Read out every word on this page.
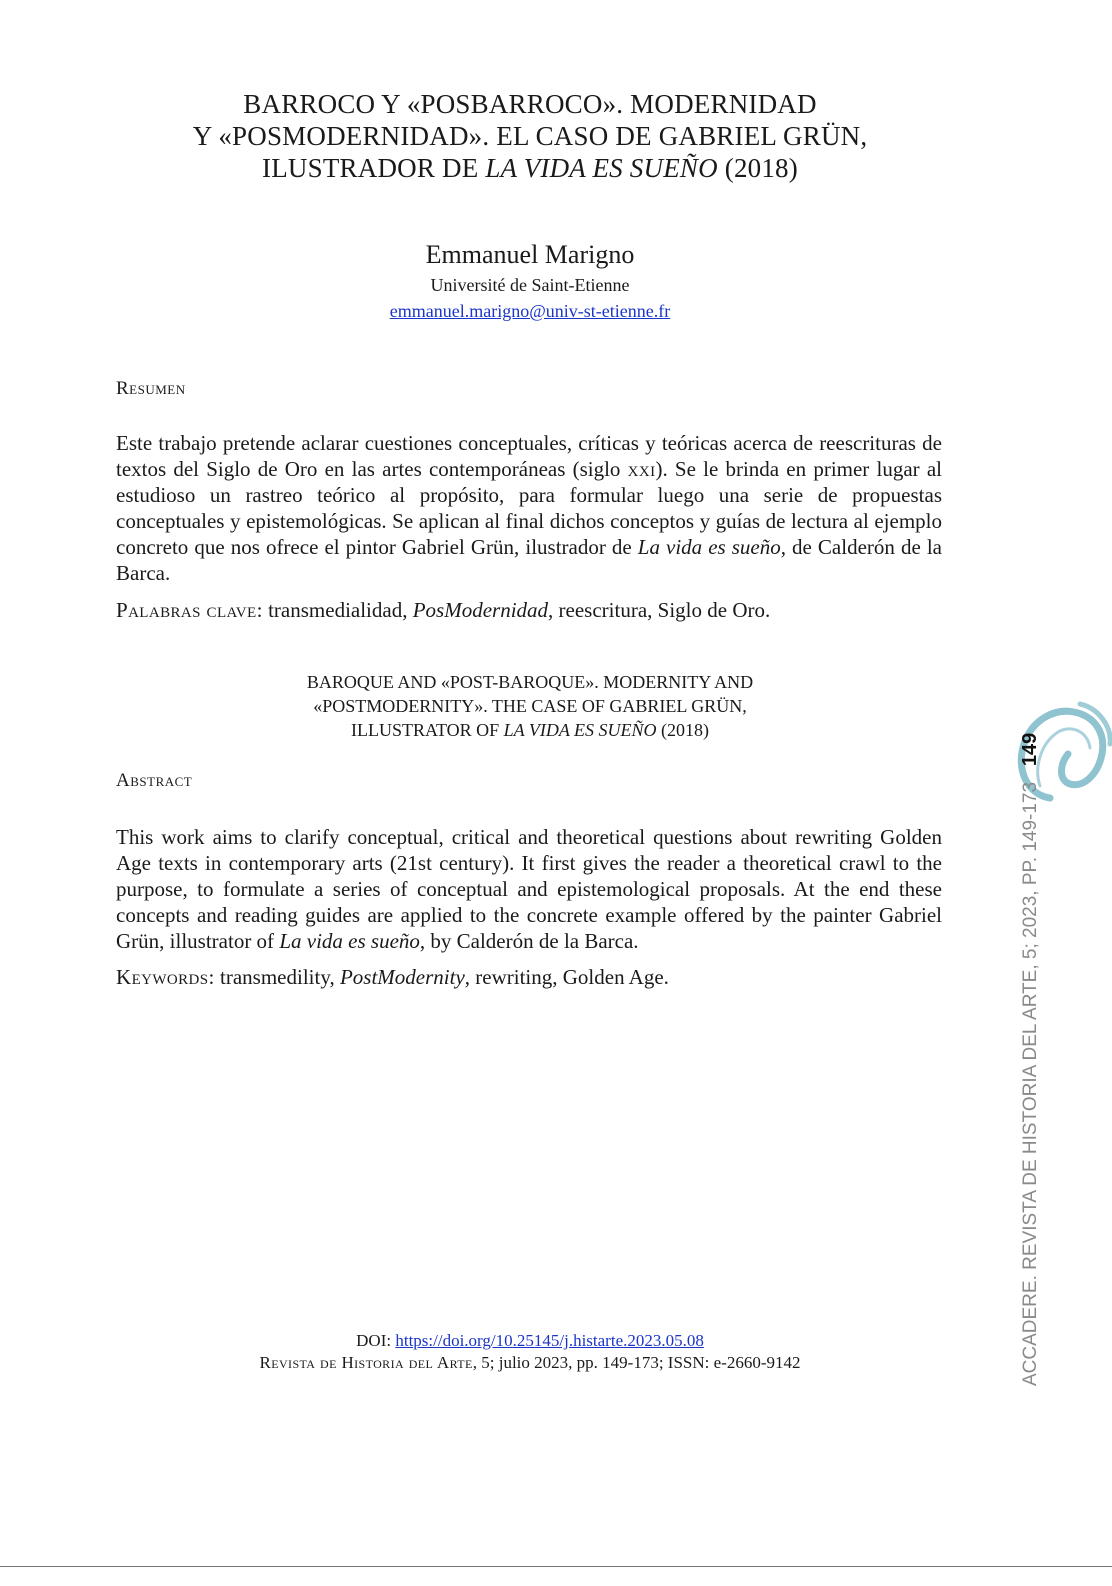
BARROCO Y «POSBARROCO». MODERNIDAD
Y «POSMODERNIDAD». EL CASO DE GABRIEL GRÜN,
ILUSTRADOR DE LA VIDA ES SUEÑO (2018)
Emmanuel Marigno
Université de Saint-Etienne
emmanuel.marigno@univ-st-etienne.fr
Resumen

Este trabajo pretende aclarar cuestiones conceptuales, críticas y teóricas acerca de reescrituras de textos del Siglo de Oro en las artes contemporáneas (siglo xxi). Se le brinda en primer lugar al estudioso un rastreo teórico al propósito, para formular luego una serie de propuestas conceptuales y epistemológicas. Se aplican al final dichos conceptos y guías de lectura al ejemplo concreto que nos ofrece el pintor Gabriel Grün, ilustrador de La vida es sueño, de Calderón de la Barca.

Palabras clave: transmedialidad, PosModernidad, reescritura, Siglo de Oro.

BAROQUE AND «POST-BAROQUE». MODERNITY AND
«POSTMODERNITY». THE CASE OF GABRIEL GRÜN,
ILLUSTRATOR OF LA VIDA ES SUEÑO (2018)
Abstract

This work aims to clarify conceptual, critical and theoretical questions about rewriting Golden Age texts in contemporary arts (21st century). It first gives the reader a theoretical crawl to the purpose, to formulate a series of conceptual and epistemological proposals. At the end these concepts and reading guides are applied to the concrete example offered by the painter Gabriel Grün, illustrator of La vida es sueño, by Calderón de la Barca.

Keywords: transmedility, PostModernity, rewriting, Golden Age.

DOI: https://doi.org/10.25145/j.histarte.2023.05.08
Revista de Historia del Arte, 5; julio 2023, pp. 149-173; ISSN: e-2660-9142	ACCADERE. REVISTA DE HISTORIA DEL ARTE, 5; 2023, PP. 149-173   149
